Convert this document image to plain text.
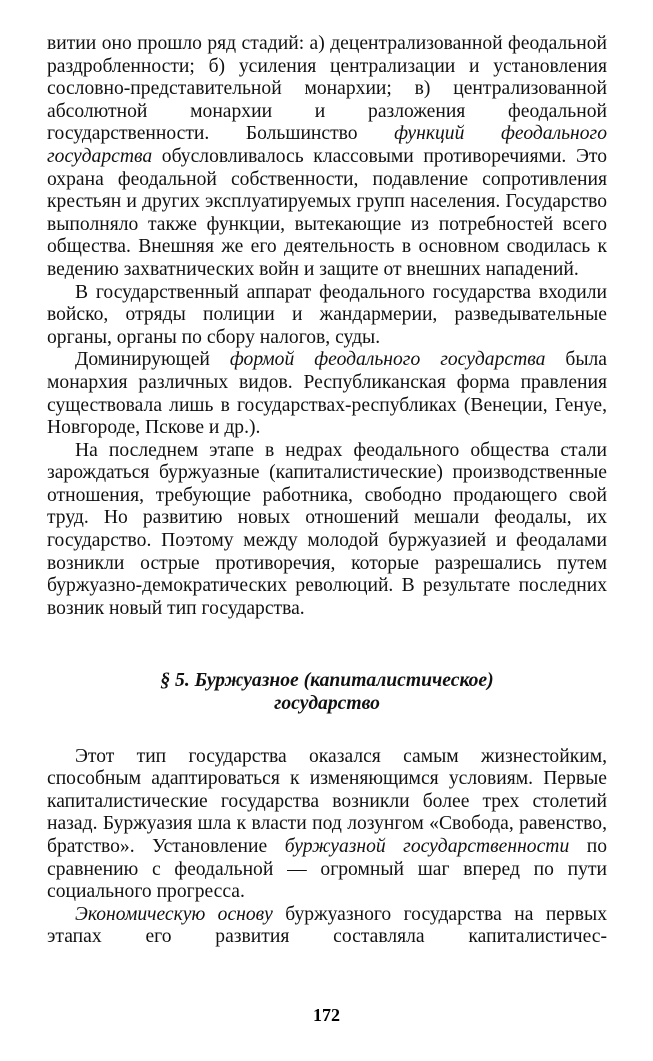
витии оно прошло ряд стадий: а) децентрализованной феодальной раздробленности; б) усиления централизации и установления сословно-представительной монархии; в) централизованной абсолютной монархии и разложения феодальной государственности. Большинство функций феодального государства обусловливалось классовыми противоречиями. Это охрана феодальной собственности, подавление сопротивления крестьян и других эксплуатируемых групп населения. Государство выполняло также функции, вытекающие из потребностей всего общества. Внешняя же его деятельность в основном сводилась к ведению захватнических войн и защите от внешних нападений.

В государственный аппарат феодального государства входили войско, отряды полиции и жандармерии, разведывательные органы, органы по сбору налогов, суды.

Доминирующей формой феодального государства была монархия различных видов. Республиканская форма правления существовала лишь в государствах-республиках (Венеции, Генуе, Новгороде, Пскове и др.).

На последнем этапе в недрах феодального общества стали зарождаться буржуазные (капиталистические) производственные отношения, требующие работника, свободно продающего свой труд. Но развитию новых отношений мешали феодалы, их государство. Поэтому между молодой буржуазией и феодалами возникли острые противоречия, которые разрешались путем буржуазно-демократических революций. В результате последних возник новый тип государства.

§ 5. Буржуазное (капиталистическое)
государство

Этот тип государства оказался самым жизнестойким, способным адаптироваться к изменяющимся условиям. Первые капиталистические государства возникли более трех столетий назад. Буржуазия шла к власти под лозунгом «Свобода, равенство, братство». Установление буржуазной государственности по сравнению с феодальной — огромный шаг вперед по пути социального прогресса.

Экономическую основу буржуазного государства на первых этапах его развития составляла капиталистичес-

172
